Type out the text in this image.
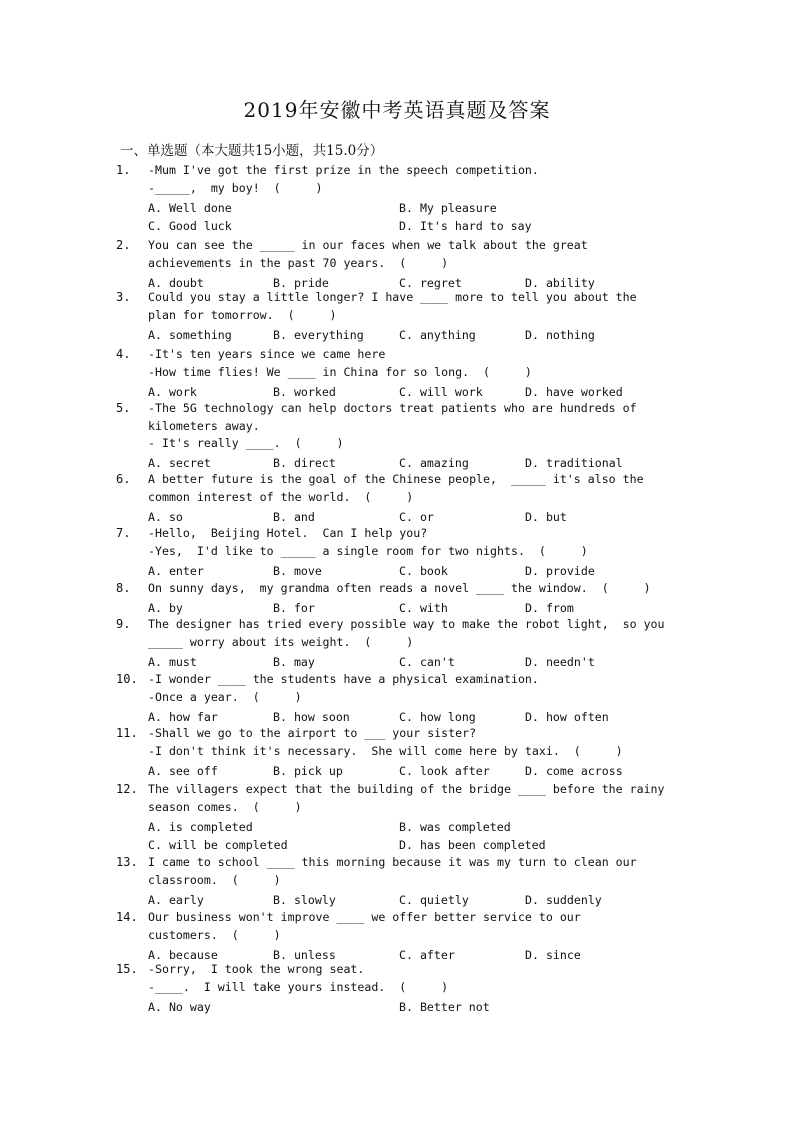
2019年安徽中考英语真题及答案
一、单选题（本大题共15小题，共15.0分）
1.	-Mum I've got the first prize in the speech competition.
-_____,  my boy!  (     )
A. Well done	B. My pleasure
C. Good luck	D. It's hard to say
2.	You can see the _____ in our faces when we talk about the great
achievements in the past 70 years.  (     )
A. doubt	B. pride	C. regret	D. ability
3.	Could you stay a little longer? I have ____ more to tell you about the
plan for tomorrow.  (     )
A. something	B. everything	C. anything	D. nothing
4.	-It's ten years since we came here
-How time flies! We ____ in China for so long.  (     )
A. work	B. worked	C. will work	D. have worked
5.	-The 5G technology can help doctors treat patients who are hundreds of
kilometers away.
- It's really ____.  (     )
A. secret	B. direct	C. amazing	D. traditional
6.	A better future is the goal of the Chinese people,  _____ it's also the
common interest of the world.  (     )
A. so	B. and	C. or	D. but
7.	-Hello,  Beijing Hotel.  Can I help you?
-Yes,  I'd like to _____ a single room for two nights.  (     )
A. enter	B. move	C. book	D. provide
8.	On sunny days,  my grandma often reads a novel ____ the window.  (     )
A. by	B. for	C. with	D. from
9.	The designer has tried every possible way to make the robot light,  so you
_____ worry about its weight.  (     )
A. must	B. may	C. can't	D. needn't
10. -I wonder ____ the students have a physical examination.
-Once a year.  (     )
A. how far	B. how soon	C. how long	D. how often
11. -Shall we go to the airport to ___ your sister?
-I don't think it's necessary.  She will come here by taxi.  (     )
A. see off	B. pick up	C. look after	D. come across
12. The villagers expect that the building of the bridge ____ before the rainy
season comes.  (     )
A. is completed	B. was completed
C. will be completed	D. has been completed
13. I came to school ____ this morning because it was my turn to clean our
classroom.  (     )
A. early	B. slowly	C. quietly	D. suddenly
14. Our business won't improve ____ we offer better service to our
customers.  (     )
A. because	B. unless	C. after	D. since
15. -Sorry,  I took the wrong seat.
-____.  I will take yours instead.  (     )
A. No way	B. Better not
